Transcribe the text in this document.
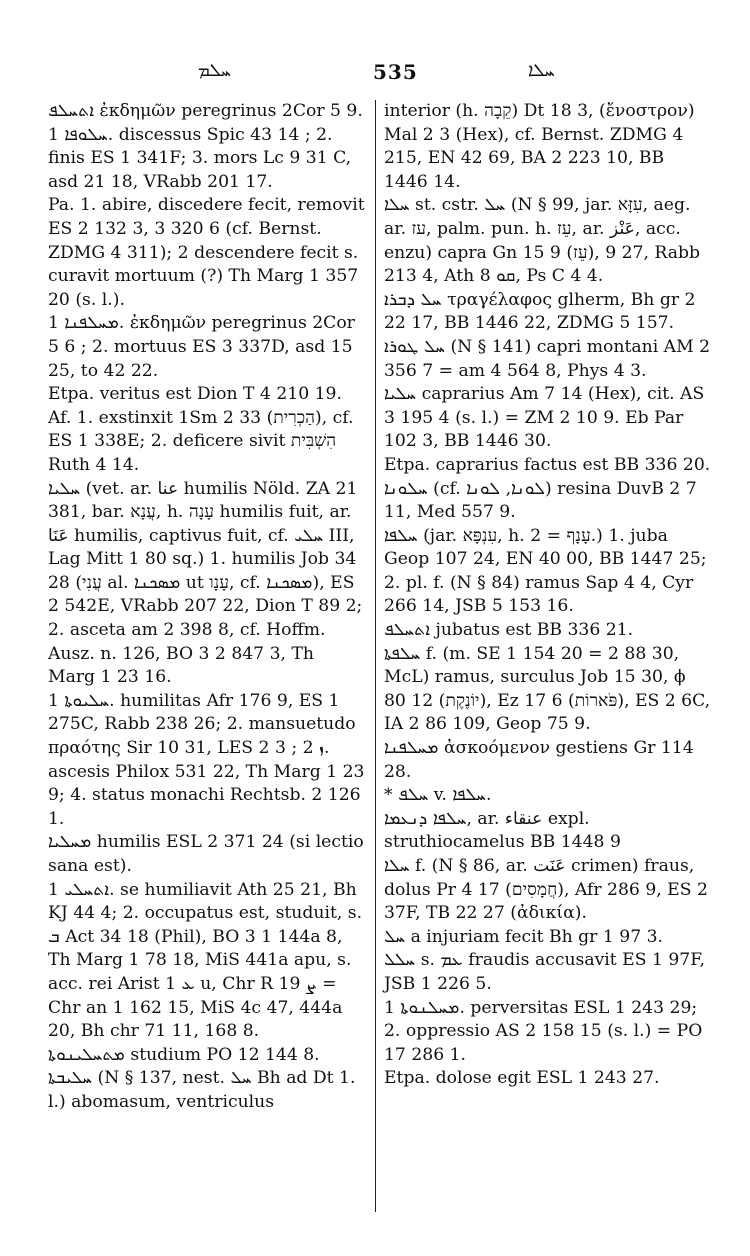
ܚܠܡ	535	ܚܠܐ

ܐܬܚܠܦ ἐκδημῶν peregrinus 2Cor 5 9.

ܚܠܘܦܐ 1. discessus Spic 43 14 ; 2. finis ES 1 341F; 3. mors Lc 9 31 C, asd 21 18, VRabb 201 17.

Pa. 1. abire, discedere fecit, removit ES 2 132 3, 3 320 6 (cf. Bernst. ZDMG 4 311); 2 descendere fecit s. curavit mortuum (?) Th Marg 1 357 20 (s. l.).

ܡܚܠܦܢܐ 1. ἐκδημῶν peregrinus 2Cor 5 6 ; 2. mortuus ES 3 337D, asd 15 25, to 42 22.

Etpa. veritus est Dion T 4 210 19.

Af. 1. exstinxit 1Sm 2 33 (הַכְרִית), cf. ES 1 338E; 2. deficere sivit הִשְׁבִּית Ruth 4 14.

ܚܠܝܐ (vet. ar. عنا humilis Nöld. ZA 21 381, bar. עֲנָא, h. עָנָה humilis fuit, ar. عَنَا humilis, captivus fuit, cf. ܚܠܝ III, Lag Mitt 1 80 sq.) 1. humilis Job 34 28 (עֲנִי al. ܡܣܟܢܐ ut עָנָו, cf. ܡܣܟܢܐ), ES 2 542E, VRabb 207 22, Dion T 89 2; 2. asceta am 2 398 8, cf. Hoffm. Ausz. n. 126, BO 3 2 847 3, Th Marg 1 23 16.

ܚܠܝܘܬܐ 1. humilitas Afr 176 9, ES 1 275C, Rabb 238 26; 2. mansuetudo πραότης Sir 10 31, LES 2 ܙ 2 ; 3. ascesis Philox 531 22, Th Marg 1 23 9; 4. status monachi Rechtsb. 2 126 1.

ܡܚܠܝܐ humilis ESL 2 371 24 (si lectio sana est).

ܐܬܚܠܝ 1. se humiliavit Ath 25 21, Bh KJ 44 4; 2. occupatus est, studuit, s. ܒ Act 34 18 (Phil), BO 3 1 144a 8, Th Marg 1 78 18, MiS 441a apu, s. acc. rei Arist 1 ܥ u, Chr R ܨ 19 = Chr an 1 162 15, MiS 4c 47, 444a 20, Bh chr 71 11, 168 8.

ܡܬܚܠܝܢܘܬܐ studium PO 12 144 8.

ܚܠܝܒܬܐ (N § 137, nest. ܚܠ Bh ad Dt 1. l.) abomasum, ventriculus

interior (h. קֵבָה) Dt 18 3, (ἔνοστρον) Mal 2 3 (Hex), cf. Bernst. ZDMG 4 215, EN 42 69, BA 2 223 10, BB 1446 14.

ܚܠܐ st. cstr. ܚܠ (N § 99, jar. עִזָּא, aeg. ar. עז, palm. pun. h. עֵז, ar. عَنْز, acc. enzu) capra Gn 15 9 (עֵז), 27 9, Rabb 213 4, Ath ܩܘ 8, Ps C 4 4.

ܚܠ ܕܒܪܐ τραγέλαφος glherm, Bh gr 2 22 17, BB 1446 22, ZDMG 5 157.

ܚܠ ܛܘܪܐ (N § 141) capri montani AM 2 356 7 = am 4 564 8, Phys 4 3.

ܚܠܝܐ caprarius Am 7 14 (Hex), cit. AS 3 195 4 (s. l.) = ZM 2 10 9. Eb Par 102 3, BB 1446 30.

Etpa. caprarius factus est BB 336 20.

ܚܠܘܢܐ (cf. ܠܘܢܐ, ܠܘܢܐ) resina DuvB 2 7 11, Med 557 9.

ܚܠܦܐ (jar. עִנְפָּא, h. עָנָף = 2.) 1. juba Geop 107 24, EN 40 00, BB 1447 25; 2. pl. f. (N § 84) ramus Sap 4 4, Cyr 266 14, JSB 5 153 16.

ܐܬܚܠܦ jubatus est BB 336 21.

ܚܠܦܬܐ f. (m. SE 1 154 20 = 2 88 30, McL) ramus, surculus Job 15 30, ϕ 80 12 (יוֹנֶקֶת), Ez 17 6 (פֹּארוֹת), ES 2 6C, IA 2 86 109, Geop 75 9.

ܡܚܠܦܢܐ ἀσκοόμενον gestiens Gr 114 28.

* ܚܠܦ v. ܚܠܦܐ.

ܚܠܦܐ ܕܢܥܡܐ, ar. عنقاء expl. struthiocamelus BB 1448 9

ܚܠܐ f. (N § 86, ar. عَنَت crimen) fraus, dolus Pr 4 17 (חֲמָסִים), Afr 286 9, ES 2 37F, TB 22 27 (ἀδικία).

ܚܠ a injuriam fecit Bh gr 1 97 3.

ܚܠܠ s. ܥܡ fraudis accusavit ES 1 97F, JSB 1 226 5.

ܡܚܠܢܘܬܐ 1. perversitas ESL 1 243 29; 2. oppressio AS 2 158 15 (s. l.) = PO 17 286 1.

Etpa. dolose egit ESL 1 243 27.
